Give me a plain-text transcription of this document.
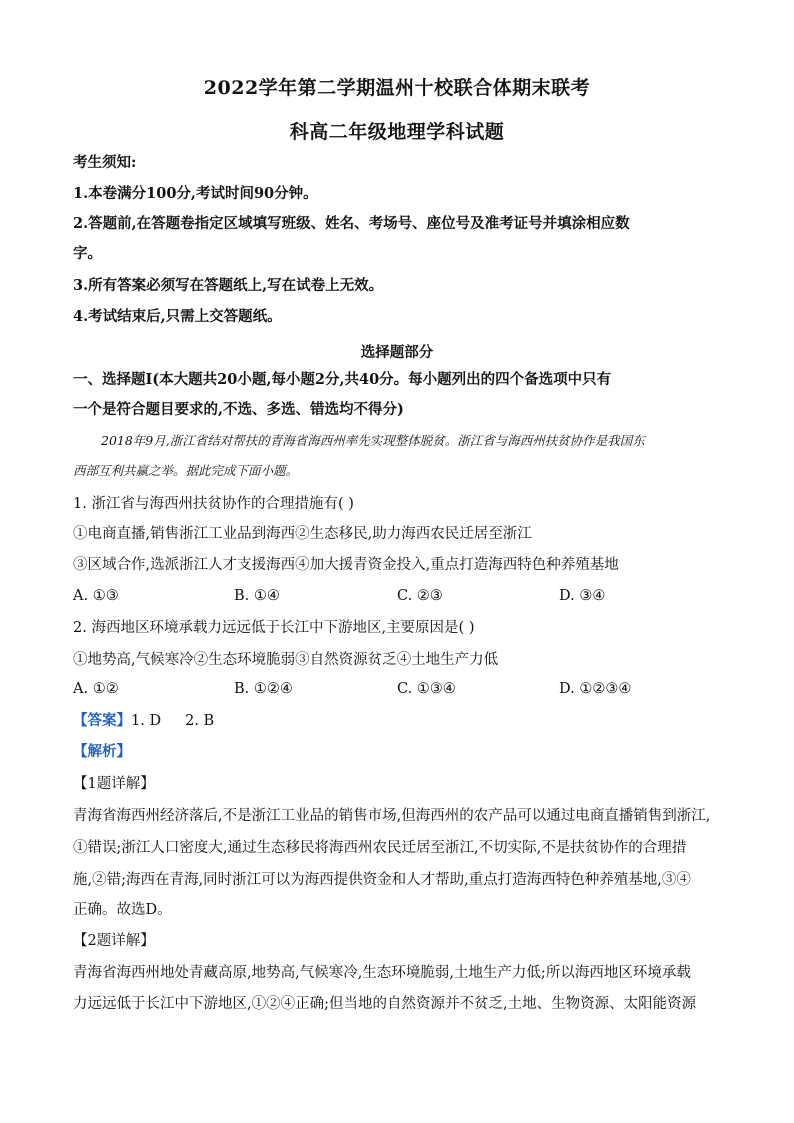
2022学年第二学期温州十校联合体期末联考
科高二年级地理学科试题
考生须知:
1.本卷满分100分,考试时间90分钟。
2.答题前,在答题卷指定区域填写班级、姓名、考场号、座位号及准考证号并填涂相应数
字。
3.所有答案必须写在答题纸上,写在试卷上无效。
4.考试结束后,只需上交答题纸。
选择题部分
一、选择题Ⅰ(本大题共20小题,每小题2分,共40分。每小题列出的四个备选项中只有
一个是符合题目要求的,不选、多选、错选均不得分)
2018年9月,浙江省结对帮扶的青海省海西州率先实现整体脱贫。浙江省与海西州扶贫协作是我国东
西部互利共赢之举。据此完成下面小题。
1. 浙江省与海西州扶贫协作的合理措施有( )
①电商直播,销售浙江工业品到海西②生态移民,助力海西农民迁居至浙江
③区域合作,选派浙江人才支援海西④加大援青资金投入,重点打造海西特色种养殖基地
A. ①③	B. ①④	C. ②③	D. ③④
2. 海西地区环境承载力远远低于长江中下游地区,主要原因是( )
①地势高,气候寒冷②生态环境脆弱③自然资源贫乏④土地生产力低
A. ①②	B. ①②④	C. ①③④	D. ①②③④
【答案】1. D 2. B
【解析】
【1题详解】
青海省海西州经济落后,不是浙江工业品的销售市场,但海西州的农产品可以通过电商直播销售到浙江,
①错误;浙江人口密度大,通过生态移民将海西州农民迁居至浙江,不切实际,不是扶贫协作的合理措
施,②错;海西在青海,同时浙江可以为海西提供资金和人才帮助,重点打造海西特色种养殖基地,③④
正确。故选D。
【2题详解】
青海省海西州地处青藏高原,地势高,气候寒冷,生态环境脆弱,土地生产力低;所以海西地区环境承载
力远远低于长江中下游地区,①②④正确;但当地的自然资源并不贫乏,土地、生物资源、太阳能资源
